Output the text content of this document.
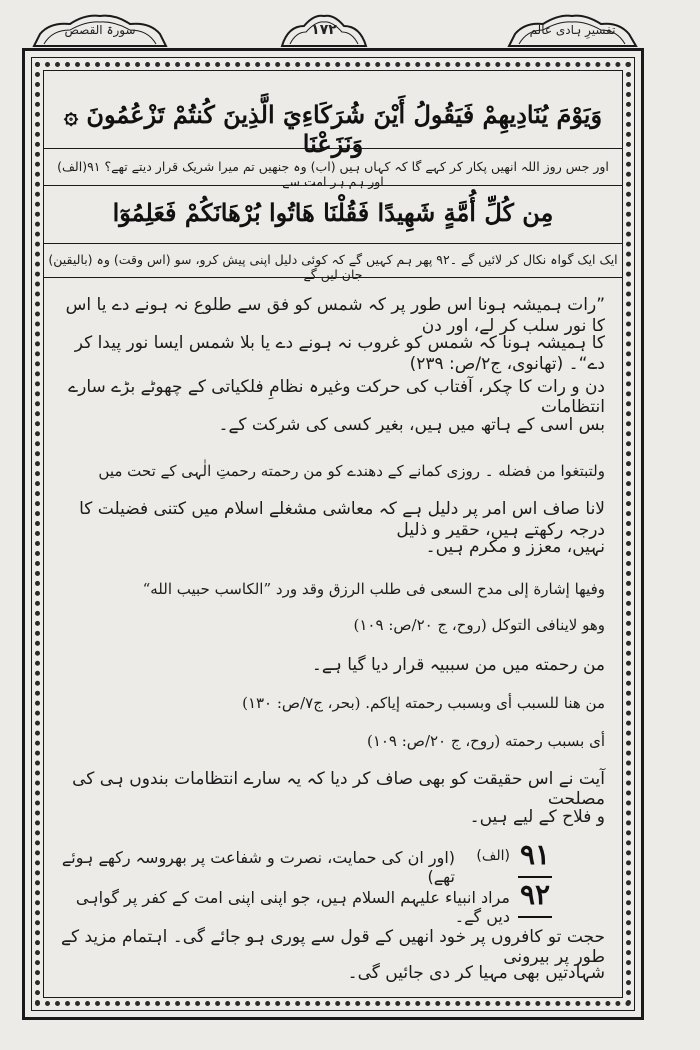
سورۃ القصص	۱۷۲	تفسیرِ ہادی عالم
وَيَوْمَ يُنَادِيهِمْ فَيَقُولُ أَيْنَ شُرَكَاءِيَ الَّذِينَ كُنتُمْ تَزْعُمُونَ ۞ وَنَزَعْنَا
اور جس روز اللہ انھیں پکار کر کہے گا کہ کہاں ہیں (اب) وہ جنھیں تم میرا شریک قرار دیتے تھے؟ ۹۱(الف) اور ہم ہر امت سے
مِن كُلِّ أُمَّةٍ شَهِيدًا فَقُلْنَا هَاتُوا بُرْهَانَكُمْ فَعَلِمُوٓا
ایک ایک گواہ نکال کر لائیں گے ۔۹۲ پھر ہم کہیں گے کہ کوئی دلیل اپنی پیش کرو، سو (اس وقت) وہ (بالیقین) جان لیں گے
”رات ہمیشہ ہونا اس طور پر کہ شمس کو فق سے طلوع نہ ہونے دے یا اس کا نور سلب کر لے، اور دن
کا ہمیشہ ہونا کہ شمس کو غروب نہ ہونے دے یا بلا شمس ایسا نور پیدا کر دے“۔ (تھانوی، ج۲/ص: ۲۳۹)
دن و رات کا چکر، آفتاب کی حرکت وغیرہ نظامِ فلکیاتی کے چھوٹے بڑے سارے انتظامات
بس اسی کے ہاتھ میں ہیں، بغیر کسی کی شرکت کے۔
ولتبتغوا من فضله ۔ روزی کمانے کے دھندے کو من رحمته رحمتِ الٰہی کے تحت میں
لانا صاف اس امر پر دلیل ہے کہ معاشی مشغلے اسلام میں کتنی فضیلت کا درجہ رکھتے ہیں، حقیر و ذلیل
نہیں، معزز و مکرم ہیں۔
وفيها إشارة إلى مدح السعى فى طلب الرزق وقد ورد ”الكاسب حبيب الله“
وهو لاينافى التوكل (روح، ج ۲۰/ص: ۱۰۹)
من رحمته میں من سببیہ قرار دیا گیا ہے۔
من هنا للسبب أى وبسبب رحمته إياكم. (بحر، ج۷/ص: ۱۳۰)
أى بسبب رحمته (روح، ج ۲۰/ص: ۱۰۹)
آیت نے اس حقیقت کو بھی صاف کر دیا کہ یہ سارے انتظامات بندوں ہی کی مصلحت
و فلاح کے لیے ہیں۔
۹۱
(الف)
(اور ان کی حمایت، نصرت و شفاعت پر بھروسہ رکھے ہوئے تھے)
۹۲
مراد انبیاء علیہم السلام ہیں، جو اپنی اپنی امت کے کفر پر گواہی دیں گے۔
حجت تو کافروں پر خود انھیں کے قول سے پوری ہو جائے گی۔ اہتمام مزید کے طور پر بیرونی
شہادتیں بھی مہیا کر دی جائیں گی۔
